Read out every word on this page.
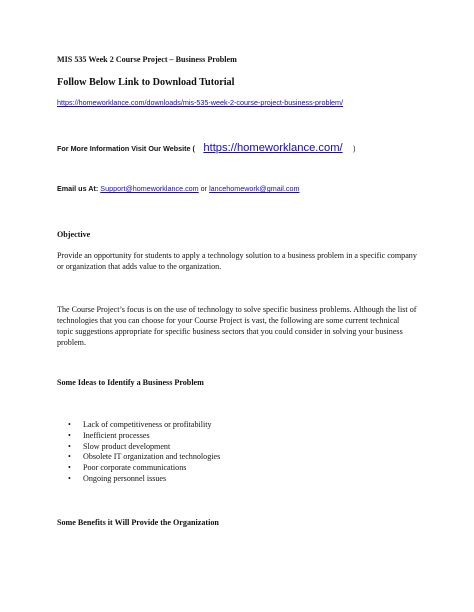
MIS 535 Week 2 Course Project – Business Problem
Follow Below Link to Download Tutorial
https://homeworklance.com/downloads/mis-535-week-2-course-project-business-problem/
For More Information Visit Our Website ( https://homeworklance.com/ )
Email us At: Support@homeworklance.com or lancehomework@gmail.com
Objective
Provide an opportunity for students to apply a technology solution to a business problem in a specific company or organization that adds value to the organization.
The Course Project’s focus is on the use of technology to solve specific business problems. Although the list of technologies that you can choose for your Course Project is vast, the following are some current technical topic suggestions appropriate for specific business sectors that you could consider in solving your business problem.
Some Ideas to Identify a Business Problem
• Lack of competitiveness or profitability
• Inefficient processes
• Slow product development
• Obsolete IT organization and technologies
• Poor corporate communications
• Ongoing personnel issues
Some Benefits it Will Provide the Organization
